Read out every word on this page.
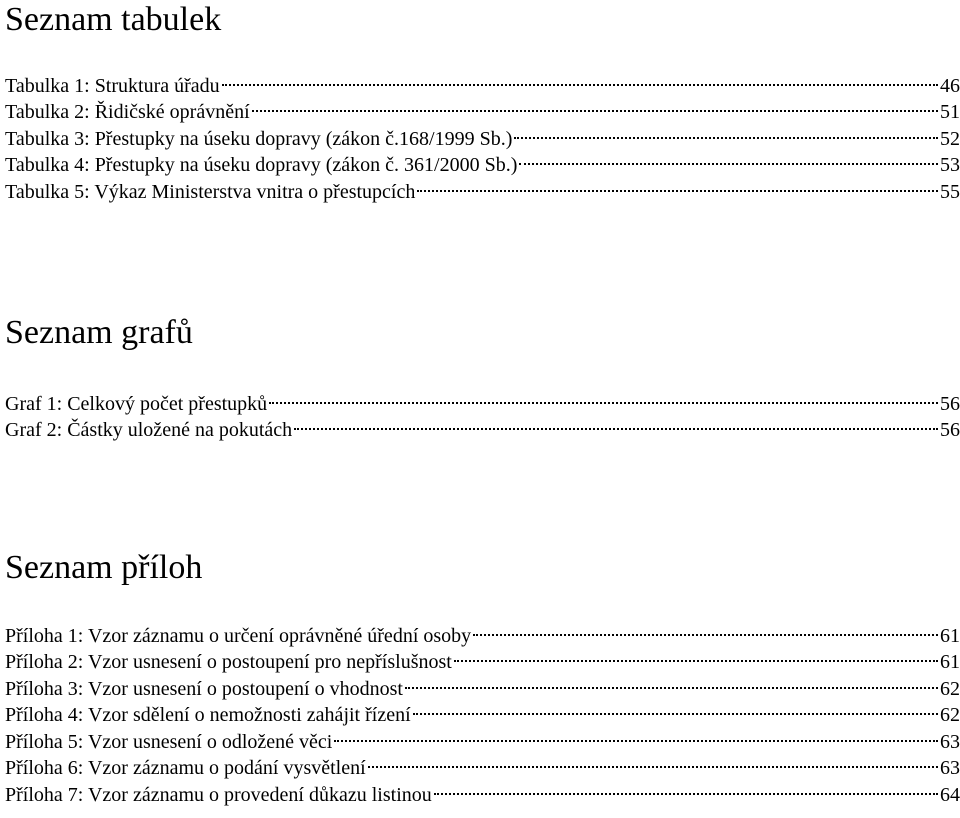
Seznam tabulek
Tabulka 1: Struktura úřadu	46
Tabulka 2: Řidičské oprávnění	51
Tabulka 3: Přestupky na úseku dopravy (zákon č.168/1999 Sb.)	52
Tabulka 4: Přestupky na úseku dopravy (zákon č. 361/2000 Sb.)	53
Tabulka 5: Výkaz Ministerstva vnitra o přestupcích	55
Seznam grafů
Graf 1: Celkový počet přestupků	56
Graf 2: Částky uložené na pokutách	56
Seznam příloh
Příloha 1: Vzor záznamu o určení oprávněné úřední osoby	61
Příloha 2: Vzor usnesení o postoupení pro nepříslušnost	61
Příloha 3: Vzor usnesení o postoupení o vhodnost	62
Příloha 4: Vzor sdělení o nemožnosti zahájit řízení	62
Příloha 5: Vzor usnesení o odložené věci	63
Příloha 6: Vzor záznamu o podání vysvětlení	63
Příloha 7: Vzor záznamu o provedení důkazu listinou	64
